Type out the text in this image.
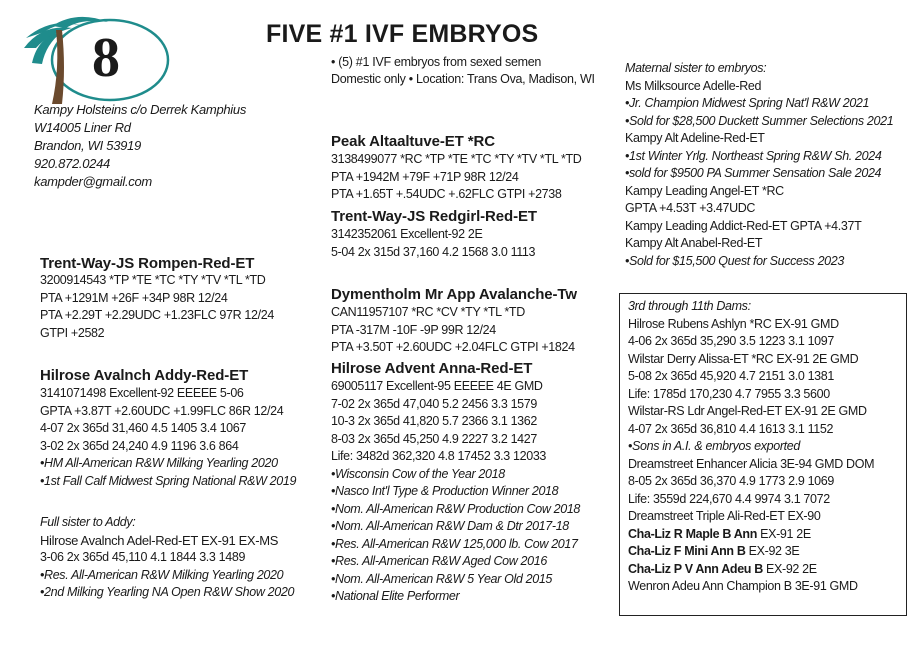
8	FIVE #1 IVF EMBRYOS
• (5) #1 IVF embryos from sexed semen
Domestic only • Location: Trans Ova, Madison, WI
Kampy Holsteins c/o Derrek Kamphius
W14005 Liner Rd
Brandon, WI 53919
920.872.0244
kampder@gmail.com
Trent-Way-JS Rompen-Red-ET
3200914543 *TP *TE *TC *TY *TV *TL *TD
PTA +1291M +26F +34P 98R 12/24
PTA +2.29T +2.29UDC +1.23FLC 97R 12/24
GTPI +2582
Hilrose Avalnch Addy-Red-ET
3141071498 Excellent-92 EEEEE 5-06
GPTA +3.87T +2.60UDC +1.99FLC 86R 12/24
4-07 2x 365d 31,460 4.5 1405 3.4 1067
3-02 2x 365d 24,240 4.9 1196 3.6 864
•HM All-American R&W Milking Yearling 2020
•1st Fall Calf Midwest Spring National R&W 2019
Full sister to Addy:
Hilrose Avalnch Adel-Red-ET EX-91 EX-MS
3-06 2x 365d 45,110 4.1 1844 3.3 1489
•Res. All-American R&W Milking Yearling 2020
•2nd Milking Yearling NA Open R&W Show 2020
Peak Altaaltuve-ET *RC
3138499077 *RC *TP *TE *TC *TY *TV *TL *TD
PTA +1942M +79F +71P 98R 12/24
PTA +1.65T +.54UDC +.62FLC GTPI +2738
Trent-Way-JS Redgirl-Red-ET
3142352061 Excellent-92 2E
5-04 2x 315d 37,160 4.2 1568 3.0 1113
Dymentholm Mr App Avalanche-Tw
CAN11957107 *RC *CV *TY *TL *TD
PTA -317M -10F -9P 99R 12/24
PTA +3.50T +2.60UDC +2.04FLC GTPI +1824
Hilrose Advent Anna-Red-ET
69005117 Excellent-95 EEEEE 4E GMD
7-02 2x 365d 47,040 5.2 2456 3.3 1579
10-3 2x 365d 41,820 5.7 2366 3.1 1362
8-03 2x 365d 45,250 4.9 2227 3.2 1427
Life: 3482d 362,320 4.8 17452 3.3 12033
•Wisconsin Cow of the Year 2018
•Nasco Int'l Type & Production Winner 2018
•Nom. All-American R&W Production Cow 2018
•Nom. All-American R&W Dam & Dtr 2017-18
•Res. All-American R&W 125,000 lb. Cow 2017
•Res. All-American R&W Aged Cow 2016
•Nom. All-American R&W 5 Year Old 2015
•National Elite Performer
Maternal sister to embryos:
Ms Milksource Adelle-Red
•Jr. Champion Midwest Spring Nat'l R&W 2021
•Sold for $28,500 Duckett Summer Selections 2021
Kampy Alt Adeline-Red-ET
•1st Winter Yrlg. Northeast Spring R&W Sh. 2024
•sold for $9500 PA Summer Sensation Sale 2024
Kampy Leading Angel-ET *RC
GPTA +4.53T +3.47UDC
Kampy Leading Addict-Red-ET GPTA +4.37T
Kampy Alt Anabel-Red-ET
•Sold for $15,500 Quest for Success 2023
3rd through 11th Dams:
Hilrose Rubens Ashlyn *RC EX-91 GMD
4-06 2x 365d 35,290 3.5 1223 3.1 1097
Wilstar Derry Alissa-ET *RC EX-91 2E GMD
5-08 2x 365d 45,920 4.7 2151 3.0 1381
Life: 1785d 170,230 4.7 7955 3.3 5600
Wilstar-RS Ldr Angel-Red-ET EX-91 2E GMD
4-07 2x 365d 36,810 4.4 1613 3.1 1152
•Sons in A.I. & embryos exported
Dreamstreet Enhancer Alicia 3E-94 GMD DOM
8-05 2x 365d 36,370 4.9 1773 2.9 1069
Life: 3559d 224,670 4.4 9974 3.1 7072
Dreamstreet Triple Ali-Red-ET EX-90
Cha-Liz R Maple B Ann EX-91 2E
Cha-Liz F Mini Ann B EX-92 3E
Cha-Liz P V Ann Adeu B EX-92 2E
Wenron Adeu Ann Champion B 3E-91 GMD
